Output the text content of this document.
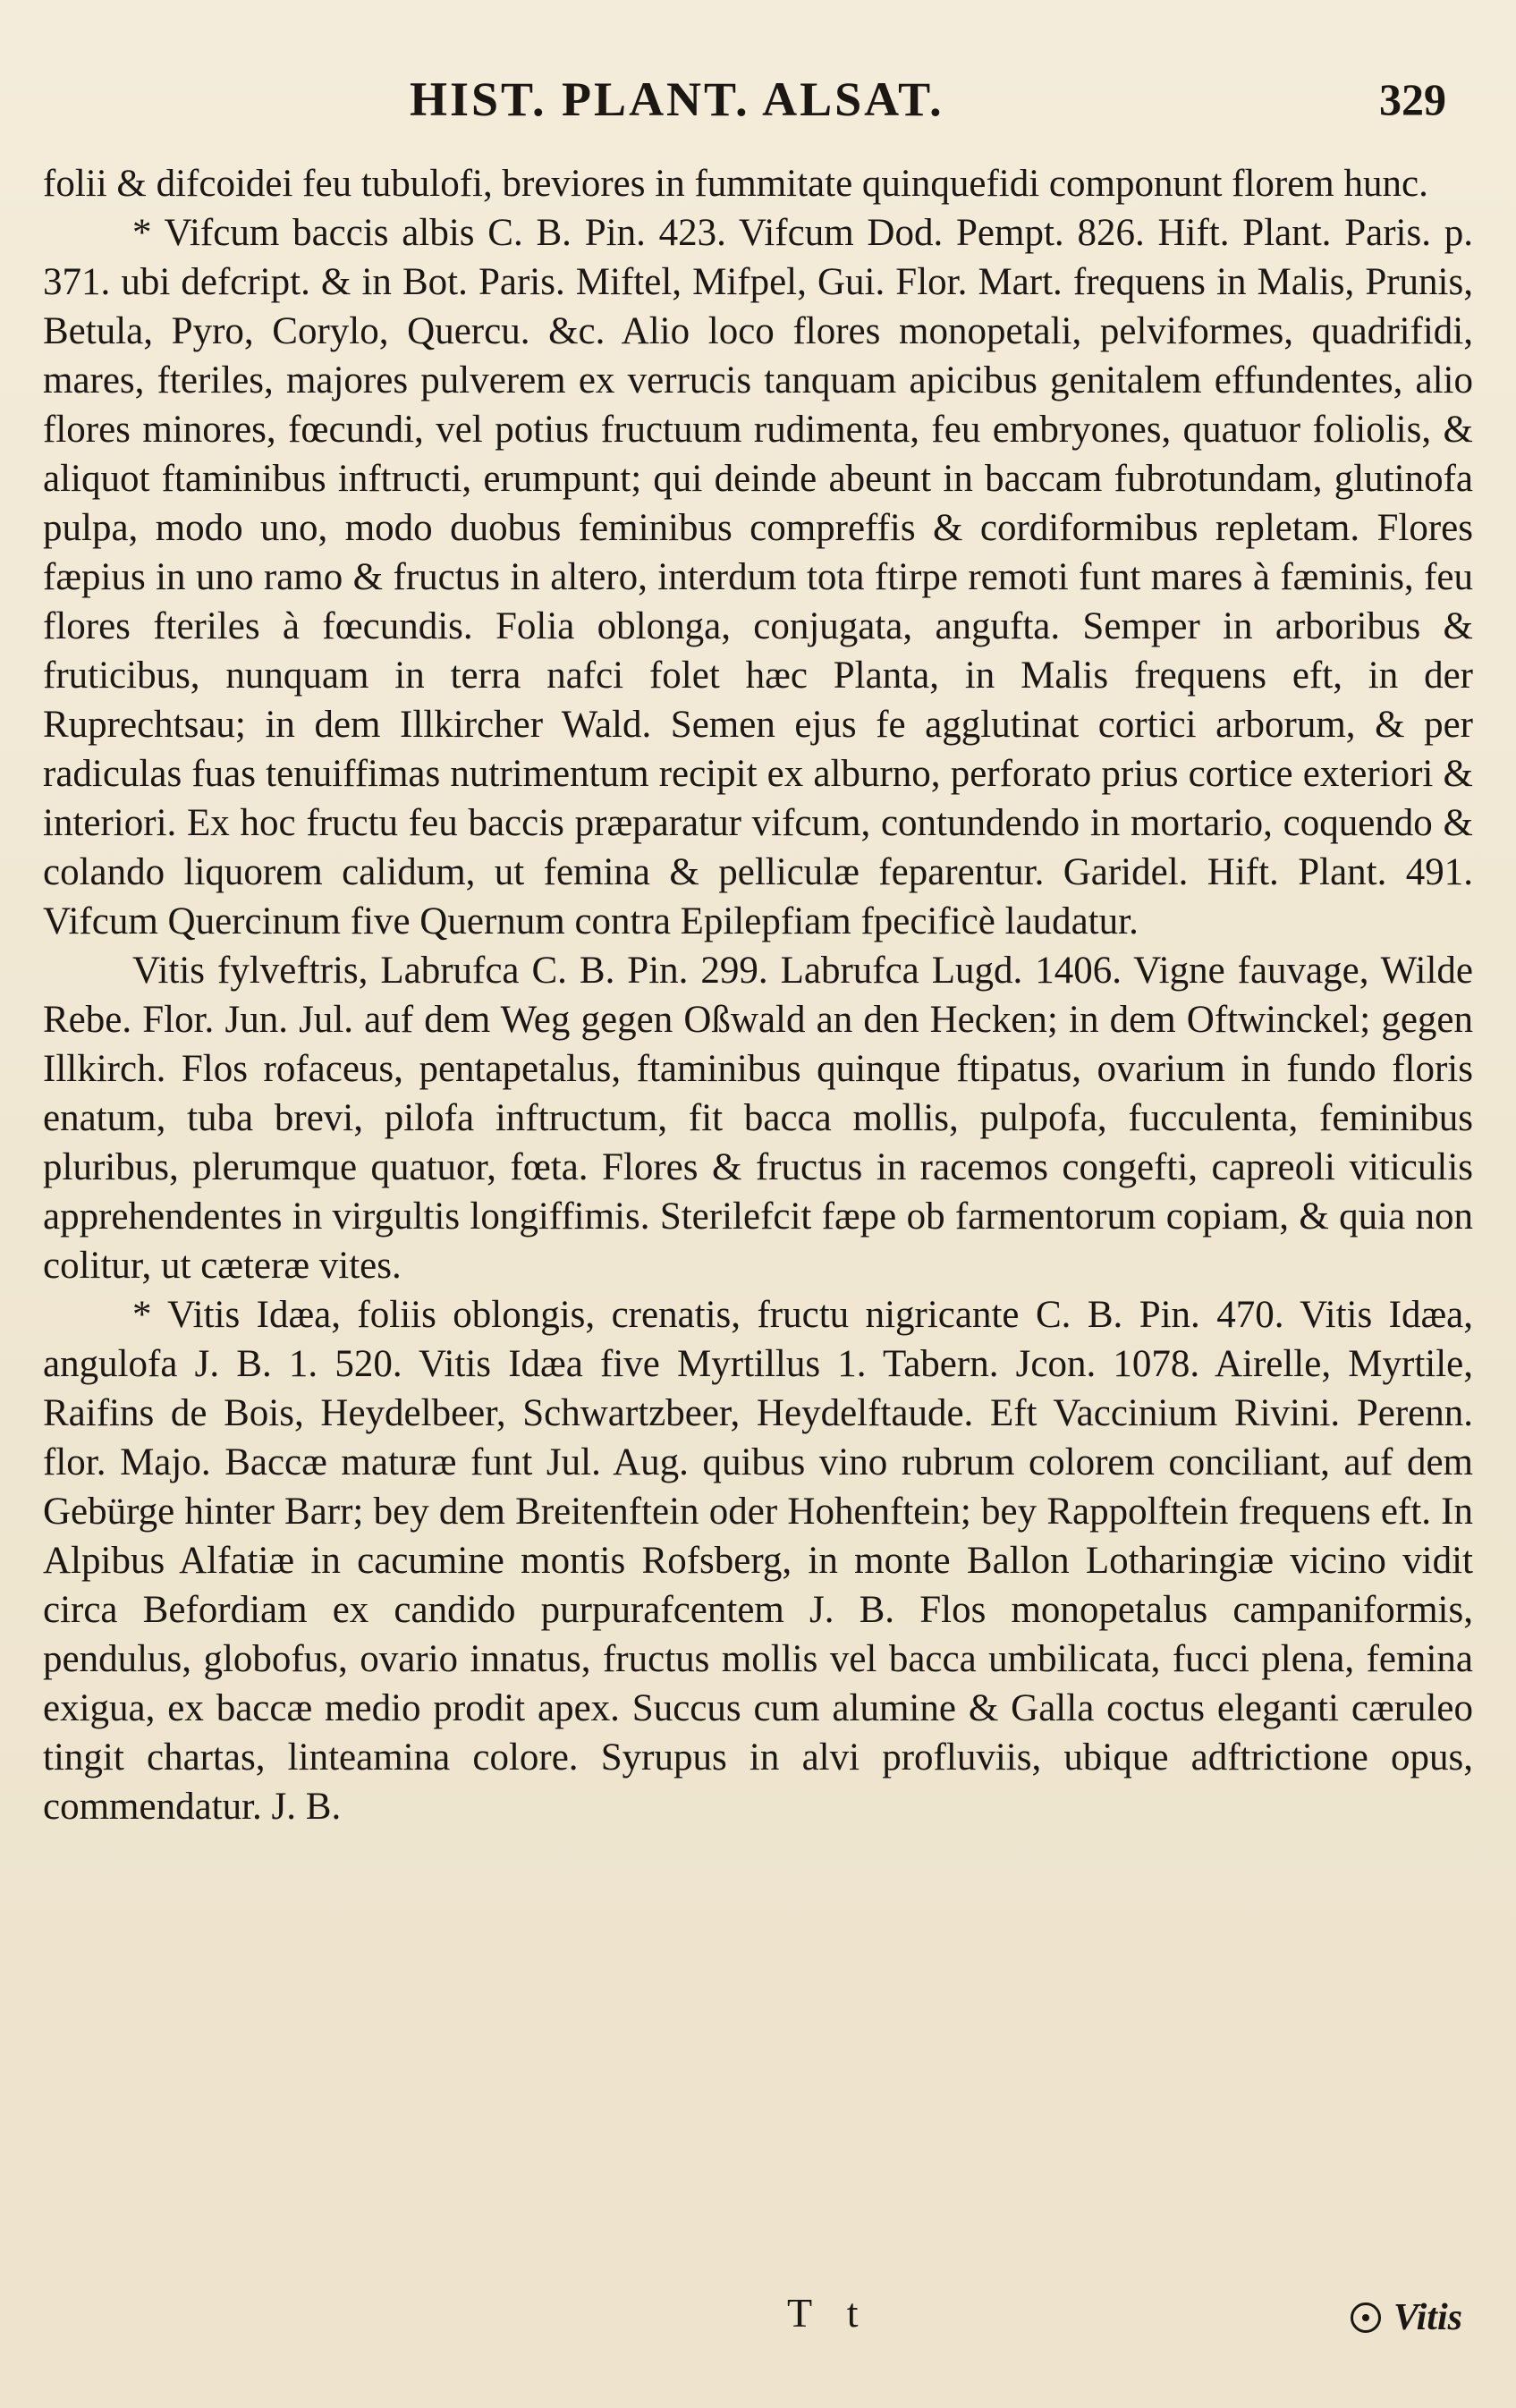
HIST. PLANT. ALSAT.	329

folii & difcoidei feu tubulofi, breviores in fummitate quinquefidi componunt florem hunc.

* Vifcum baccis albis C. B. Pin. 423. Vifcum Dod. Pempt. 826. Hift. Plant. Paris. p. 371. ubi defcript. & in Bot. Paris. Miftel, Mifpel, Gui. Flor. Mart. frequens in Malis, Prunis, Betula, Pyro, Corylo, Quercu. &c. Alio loco flores monopetali, pelviformes, quadrifidi, mares, fteriles, majores pulverem ex verrucis tanquam apicibus genitalem effundentes, alio flores minores, fœcundi, vel potius fructuum rudimenta, feu embryones, quatuor foliolis, & aliquot ftaminibus inftructi, erumpunt; qui deinde abeunt in baccam fubrotundam, glutinofa pulpa, modo uno, modo duobus feminibus compreffis & cordiformibus repletam. Flores fæpius in uno ramo & fructus in altero, interdum tota ftirpe remoti funt mares à fæminis, feu flores fteriles à fœcundis. Folia oblonga, conjugata, angufta. Semper in arboribus & fruticibus, nunquam in terra nafci folet hæc Planta, in Malis frequens eft, in der Ruprechtsau; in dem Illkircher Wald. Semen ejus fe agglutinat cortici arborum, & per radiculas fuas tenuiffimas nutrimentum recipit ex alburno, perforato prius cortice exteriori & interiori. Ex hoc fructu feu baccis præparatur vifcum, contundendo in mortario, coquendo & colando liquorem calidum, ut femina & pelliculæ feparentur. Garidel. Hift. Plant. 491. Vifcum Quercinum five Quernum contra Epilepfiam fpecificè laudatur.

Vitis fylveftris, Labrufca C. B. Pin. 299. Labrufca Lugd. 1406. Vigne fauvage, Wilde Rebe. Flor. Jun. Jul. auf dem Weg gegen Oßwald an den Hecken; in dem Oftwinckel; gegen Illkirch. Flos rofaceus, pentapetalus, ftaminibus quinque ftipatus, ovarium in fundo floris enatum, tuba brevi, pilofa inftructum, fit bacca mollis, pulpofa, fucculenta, feminibus pluribus, plerumque quatuor, fœta. Flores & fructus in racemos congefti, capreoli viticulis apprehendentes in virgultis longiffimis. Sterilefcit fæpe ob farmentorum copiam, & quia non colitur, ut cæteræ vites.

* Vitis Idæa, foliis oblongis, crenatis, fructu nigricante C. B. Pin. 470. Vitis Idæa, angulofa J. B. 1. 520. Vitis Idæa five Myrtillus 1. Tabern. Jcon. 1078. Airelle, Myrtile, Raifins de Bois, Heydelbeer, Schwartzbeer, Heydelftaude. Eft Vaccinium Rivini. Perenn. flor. Majo. Baccæ maturæ funt Jul. Aug. quibus vino rubrum colorem conciliant, auf dem Gebürge hinter Barr; bey dem Breitenftein oder Hohenftein; bey Rappolftein frequens eft. In Alpibus Alfatiæ in cacumine montis Rofsberg, in monte Ballon Lotharingiæ vicino vidit circa Befordiam ex candido purpurafcentem J. B. Flos monopetalus campaniformis, pendulus, globofus, ovario innatus, fructus mollis vel bacca umbilicata, fucci plena, femina exigua, ex baccæ medio prodit apex. Succus cum alumine & Galla coctus eleganti cæruleo tingit chartas, linteamina colore. Syrupus in alvi profluviis, ubique adftrictione opus, commendatur. J. B.

T t	Vitis
